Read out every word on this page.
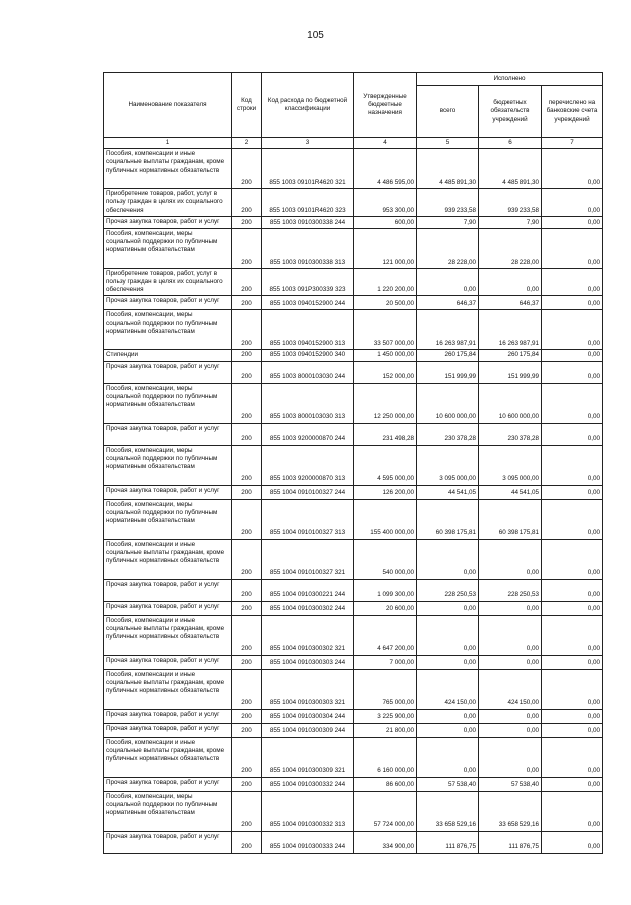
105
Наименование показателя	Код строки	Код расхода по бюджетной классификации	Утвержденные бюджетные назначения	Исполнено		
				всего	бюджетных обязательств учреждений	перечислено на банковские счета учреждений
1	2	3	4	5	6	7
Пособия, компенсации и иные социальные выплаты гражданам, кроме публичных нормативных обязательств	200	855 1003 09101R4620 321	4 486 595,00	4 485 891,30	4 485 891,30	0,00
Приобретение товаров, работ, услуг в пользу граждан в целях их социального обеспечения	200	855 1003 09101R4620 323	953 300,00	939 233,58	939 233,58	0,00
Прочая закупка товаров, работ и услуг	200	855 1003 0910300338 244	600,00	7,90	7,90	0,00
Пособия, компенсации, меры социальной поддержки по публичным нормативным обязательствам	200	855 1003 0910300338 313	121 000,00	28 228,00	28 228,00	0,00
Приобретение товаров, работ, услуг в пользу граждан в целях их социального обеспечения	200	855 1003 091P300339 323	1 220 200,00	0,00	0,00	0,00
Прочая закупка товаров, работ и услуг	200	855 1003 0940152900 244	20 500,00	646,37	646,37	0,00
Пособия, компенсации, меры социальной поддержки по публичным нормативным обязательствам	200	855 1003 0940152900 313	33 507 000,00	16 263 987,91	16 263 987,91	0,00
Стипендии	200	855 1003 0940152900 340	1 450 000,00	260 175,84	260 175,84	0,00
Прочая закупка товаров, работ и услуг	200	855 1003 8000103030 244	152 000,00	151 999,99	151 999,99	0,00
Пособия, компенсации, меры социальной поддержки по публичным нормативным обязательствам	200	855 1003 8000103030 313	12 250 000,00	10 600 000,00	10 600 000,00	0,00
Прочая закупка товаров, работ и услуг	200	855 1003 9200000870 244	231 498,28	230 378,28	230 378,28	0,00
Пособия, компенсации, меры социальной поддержки по публичным нормативным обязательствам	200	855 1003 9200000870 313	4 595 000,00	3 095 000,00	3 095 000,00	0,00
Прочая закупка товаров, работ и услуг	200	855 1004 0910100327 244	126 200,00	44 541,05	44 541,05	0,00
Пособия, компенсации, меры социальной поддержки по публичным нормативным обязательствам	200	855 1004 0910100327 313	155 400 000,00	60 398 175,81	60 398 175,81	0,00
Пособия, компенсации и иные социальные выплаты гражданам, кроме публичных нормативных обязательств	200	855 1004 0910100327 321	540 000,00	0,00	0,00	0,00
Прочая закупка товаров, работ и услуг	200	855 1004 0910300221 244	1 099 300,00	228 250,53	228 250,53	0,00
Прочая закупка товаров, работ и услуг	200	855 1004 0910300302 244	20 600,00	0,00	0,00	0,00
Пособия, компенсации и иные социальные выплаты гражданам, кроме публичных нормативных обязательств	200	855 1004 0910300302 321	4 647 200,00	0,00	0,00	0,00
Прочая закупка товаров, работ и услуг	200	855 1004 0910300303 244	7 000,00	0,00	0,00	0,00
Пособия, компенсации и иные социальные выплаты гражданам, кроме публичных нормативных обязательств	200	855 1004 0910300303 321	765 000,00	424 150,00	424 150,00	0,00
Прочая закупка товаров, работ и услуг	200	855 1004 0910300304 244	3 225 900,00	0,00	0,00	0,00
Прочая закупка товаров, работ и услуг	200	855 1004 0910300309 244	21 800,00	0,00	0,00	0,00
Пособия, компенсации и иные социальные выплаты гражданам, кроме публичных нормативных обязательств	200	855 1004 0910300309 321	6 160 000,00	0,00	0,00	0,00
Прочая закупка товаров, работ и услуг	200	855 1004 0910300332 244	86 600,00	57 538,40	57 538,40	0,00
Пособия, компенсации, меры социальной поддержки по публичным нормативным обязательствам	200	855 1004 0910300332 313	57 724 000,00	33 658 529,16	33 658 529,16	0,00
Прочая закупка товаров, работ и услуг	200	855 1004 0910300333 244	334 900,00	111 876,75	111 876,75	0,00
